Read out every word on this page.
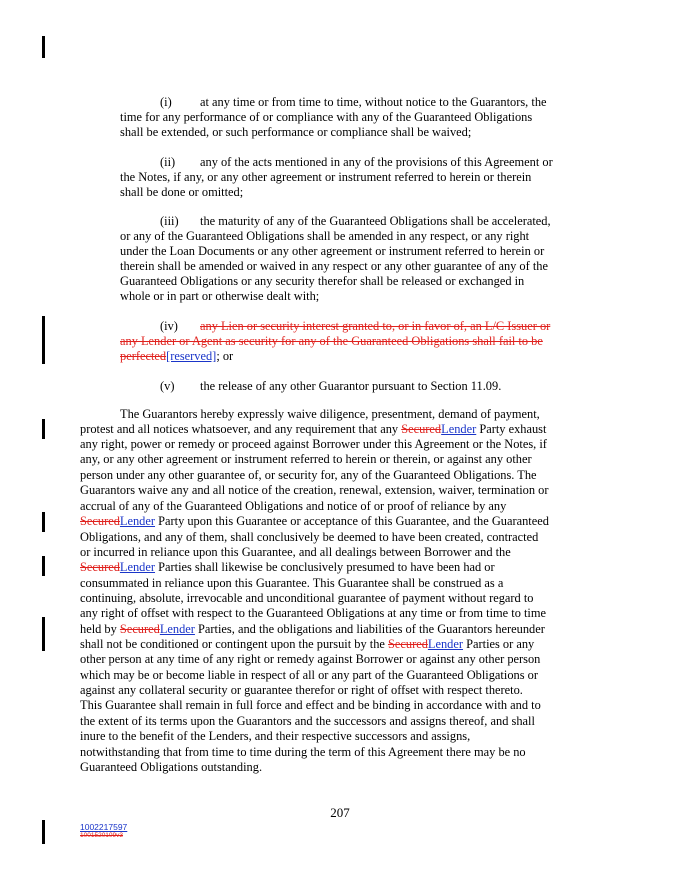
(i) at any time or from time to time, without notice to the Guarantors, the
time for any performance of or compliance with any of the Guaranteed Obligations
shall be extended, or such performance or compliance shall be waived;
(ii) any of the acts mentioned in any of the provisions of this Agreement or
the Notes, if any, or any other agreement or instrument referred to herein or therein
shall be done or omitted;
(iii) the maturity of any of the Guaranteed Obligations shall be accelerated,
or any of the Guaranteed Obligations shall be amended in any respect, or any right
under the Loan Documents or any other agreement or instrument referred to herein or
therein shall be amended or waived in any respect or any other guarantee of any of the
Guaranteed Obligations or any security therefor shall be released or exchanged in
whole or in part or otherwise dealt with;
(iv) any Lien or security interest granted to, or in favor of, an L/C Issuer or
any Lender or Agent as security for any of the Guaranteed Obligations shall fail to be
perfected[reserved]; or
(v) the release of any other Guarantor pursuant to Section 11.09.
The Guarantors hereby expressly waive diligence, presentment, demand of payment,
protest and all notices whatsoever, and any requirement that any SecuredLender Party exhaust
any right, power or remedy or proceed against Borrower under this Agreement or the Notes, if
any, or any other agreement or instrument referred to herein or therein, or against any other
person under any other guarantee of, or security for, any of the Guaranteed Obligations. The
Guarantors waive any and all notice of the creation, renewal, extension, waiver, termination or
accrual of any of the Guaranteed Obligations and notice of or proof of reliance by any
SecuredLender Party upon this Guarantee or acceptance of this Guarantee, and the Guaranteed
Obligations, and any of them, shall conclusively be deemed to have been created, contracted
or incurred in reliance upon this Guarantee, and all dealings between Borrower and the
SecuredLender Parties shall likewise be conclusively presumed to have been had or
consummated in reliance upon this Guarantee. This Guarantee shall be construed as a
continuing, absolute, irrevocable and unconditional guarantee of payment without regard to
any right of offset with respect to the Guaranteed Obligations at any time or from time to time
held by SecuredLender Parties, and the obligations and liabilities of the Guarantors hereunder
shall not be conditioned or contingent upon the pursuit by the SecuredLender Parties or any
other person at any time of any right or remedy against Borrower or against any other person
which may be or become liable in respect of all or any part of the Guaranteed Obligations or
against any collateral security or guarantee therefor or right of offset with respect thereto.
This Guarantee shall remain in full force and effect and be binding in accordance with and to
the extent of its terms upon the Guarantors and the successors and assigns thereof, and shall
inure to the benefit of the Lenders, and their respective successors and assigns,
notwithstanding that from time to time during the term of this Agreement there may be no
Guaranteed Obligations outstanding.
207
1002217597
1001520109v3
